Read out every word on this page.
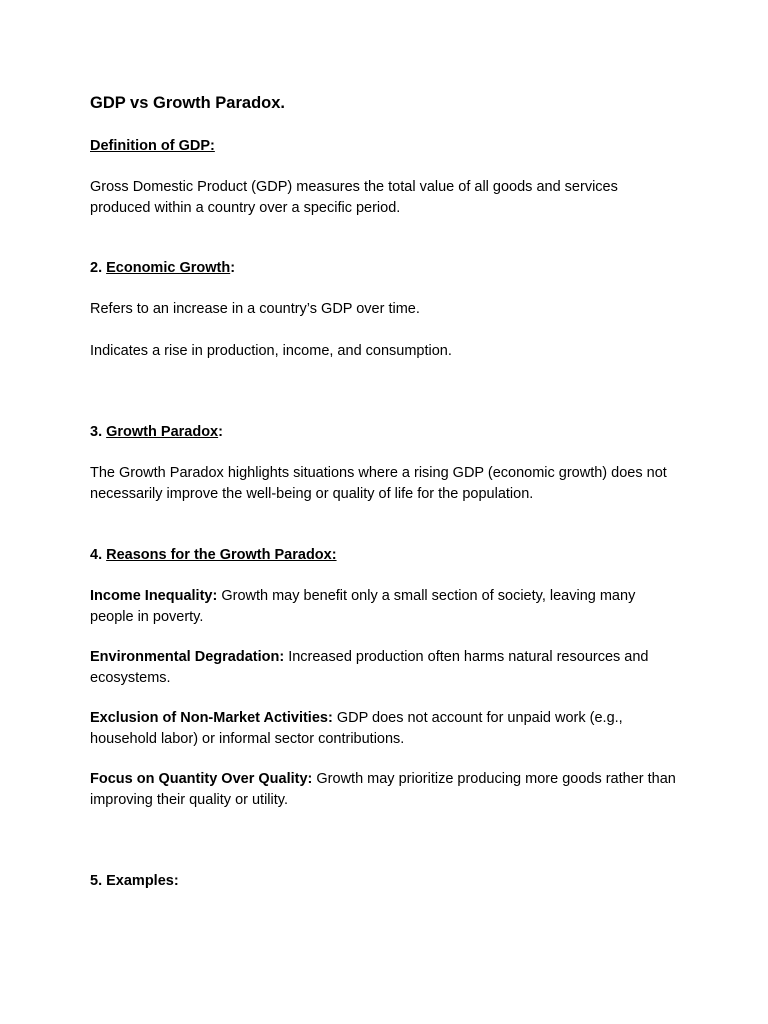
GDP vs Growth Paradox.

Definition of GDP:

Gross Domestic Product (GDP) measures the total value of all goods and services produced within a country over a specific period.

2. Economic Growth:

Refers to an increase in a country’s GDP over time.

Indicates a rise in production, income, and consumption.

3. Growth Paradox:

The Growth Paradox highlights situations where a rising GDP (economic growth) does not necessarily improve the well-being or quality of life for the population.

4. Reasons for the Growth Paradox:

Income Inequality: Growth may benefit only a small section of society, leaving many people in poverty.

Environmental Degradation: Increased production often harms natural resources and ecosystems.

Exclusion of Non-Market Activities: GDP does not account for unpaid work (e.g., household labor) or informal sector contributions.

Focus on Quantity Over Quality: Growth may prioritize producing more goods rather than improving their quality or utility.

5. Examples:
